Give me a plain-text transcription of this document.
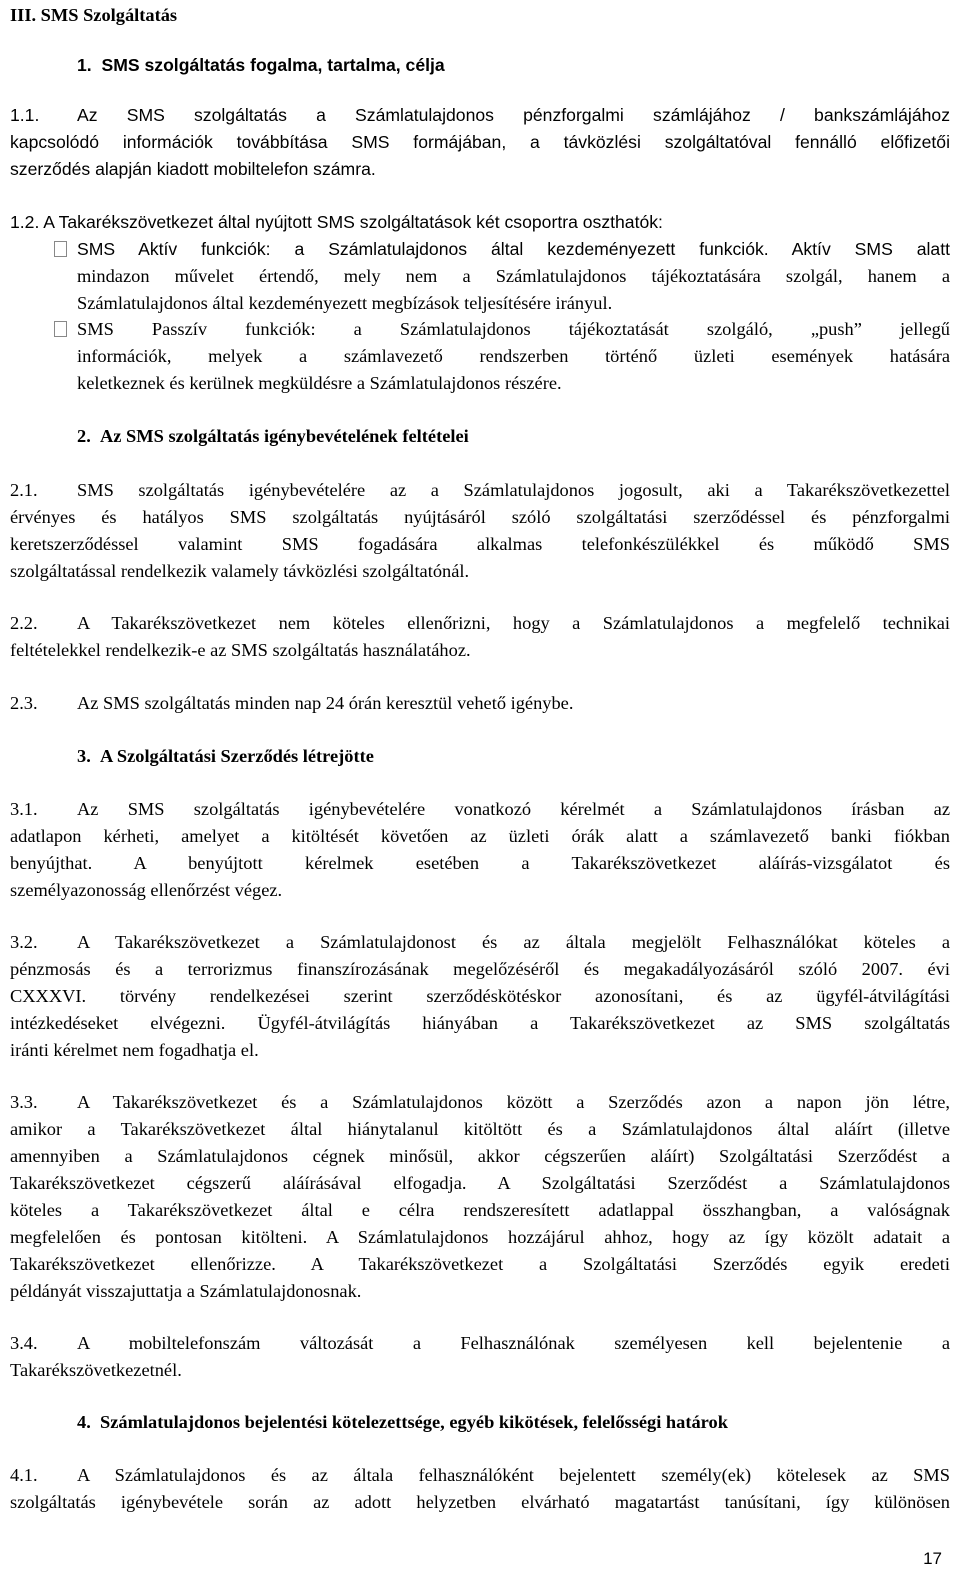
III. SMS Szolgáltatás
1. SMS szolgáltatás fogalma, tartalma, célja
1.1. Az SMS szolgáltatás a Számlatulajdonos pénzforgalmi számlájához / bankszámlájához
kapcsolódó információk továbbítása SMS formájában, a távközlési szolgáltatóval fennálló előfizetői
szerződés alapján kiadott mobiltelefon számra.
1.2. A Takarékszövetkezet által nyújtott SMS szolgáltatások két csoportra oszthatók:
SMS Aktív funkciók: a Számlatulajdonos által kezdeményezett funkciók. Aktív SMS alatt
mindazon művelet értendő, mely nem a Számlatulajdonos tájékoztatására szolgál, hanem a
Számlatulajdonos által kezdeményezett megbízások teljesítésére irányul.
SMS Passzív funkciók: a Számlatulajdonos tájékoztatását szolgáló, „push” jellegű
információk, melyek a számlavezető rendszerben történő üzleti események hatására
keletkeznek és kerülnek megküldésre a Számlatulajdonos részére.
2. Az SMS szolgáltatás igénybevételének feltételei
2.1. SMS szolgáltatás igénybevételére az a Számlatulajdonos jogosult, aki a Takarékszövetkezettel
érvényes és hatályos SMS szolgáltatás nyújtásáról szóló szolgáltatási szerződéssel és pénzforgalmi
keretszerződéssel valamint SMS fogadására alkalmas telefonkészülékkel és működő SMS
szolgáltatással rendelkezik valamely távközlési szolgáltatónál.
2.2. A Takarékszövetkezet nem köteles ellenőrizni, hogy a Számlatulajdonos a megfelelő technikai
feltételekkel rendelkezik-e az SMS szolgáltatás használatához.
2.3. Az SMS szolgáltatás minden nap 24 órán keresztül vehető igénybe.
3. A Szolgáltatási Szerződés létrejötte
3.1. Az SMS szolgáltatás igénybevételére vonatkozó kérelmét a Számlatulajdonos írásban az
adatlapon kérheti, amelyet a kitöltését követően az üzleti órák alatt a számlavezető banki fiókban
benyújthat. A benyújtott kérelmek esetében a Takarékszövetkezet aláírás-vizsgálatot és
személyazonosság ellenőrzést végez.
3.2. A Takarékszövetkezet a Számlatulajdonost és az általa megjelölt Felhasználókat köteles a
pénzmosás és a terrorizmus finanszírozásának megelőzéséről és megakadályozásáról szóló 2007. évi
CXXXVI. törvény rendelkezései szerint szerződéskötéskor azonosítani, és az ügyfél-átvilágítási
intézkedéseket elvégezni. Ügyfél-átvilágítás hiányában a Takarékszövetkezet az SMS szolgáltatás
iránti kérelmet nem fogadhatja el.
3.3. A Takarékszövetkezet és a Számlatulajdonos között a Szerződés azon a napon jön létre,
amikor a Takarékszövetkezet által hiánytalanul kitöltött és a Számlatulajdonos által aláírt (illetve
amennyiben a Számlatulajdonos cégnek minősül, akkor cégszerűen aláírt) Szolgáltatási Szerződést a
Takarékszövetkezet cégszerű aláírásával elfogadja. A Szolgáltatási Szerződést a Számlatulajdonos
köteles a Takarékszövetkezet által e célra rendszeresített adatlappal összhangban, a valóságnak
megfelelően és pontosan kitölteni. A Számlatulajdonos hozzájárul ahhoz, hogy az így közölt adatait a
Takarékszövetkezet ellenőrizze. A Takarékszövetkezet a Szolgáltatási Szerződés egyik eredeti
példányát visszajuttatja a Számlatulajdonosnak.
3.4. A mobiltelefonszám változását a Felhasználónak személyesen kell bejelentenie a
Takarékszövetkezetnél.
4. Számlatulajdonos bejelentési kötelezettsége, egyéb kikötések, felelősségi határok
4.1. A Számlatulajdonos és az általa felhasználóként bejelentett személy(ek) kötelesek az SMS
szolgáltatás igénybevétele során az adott helyzetben elvárható magatartást tanúsítani, így különösen
17
